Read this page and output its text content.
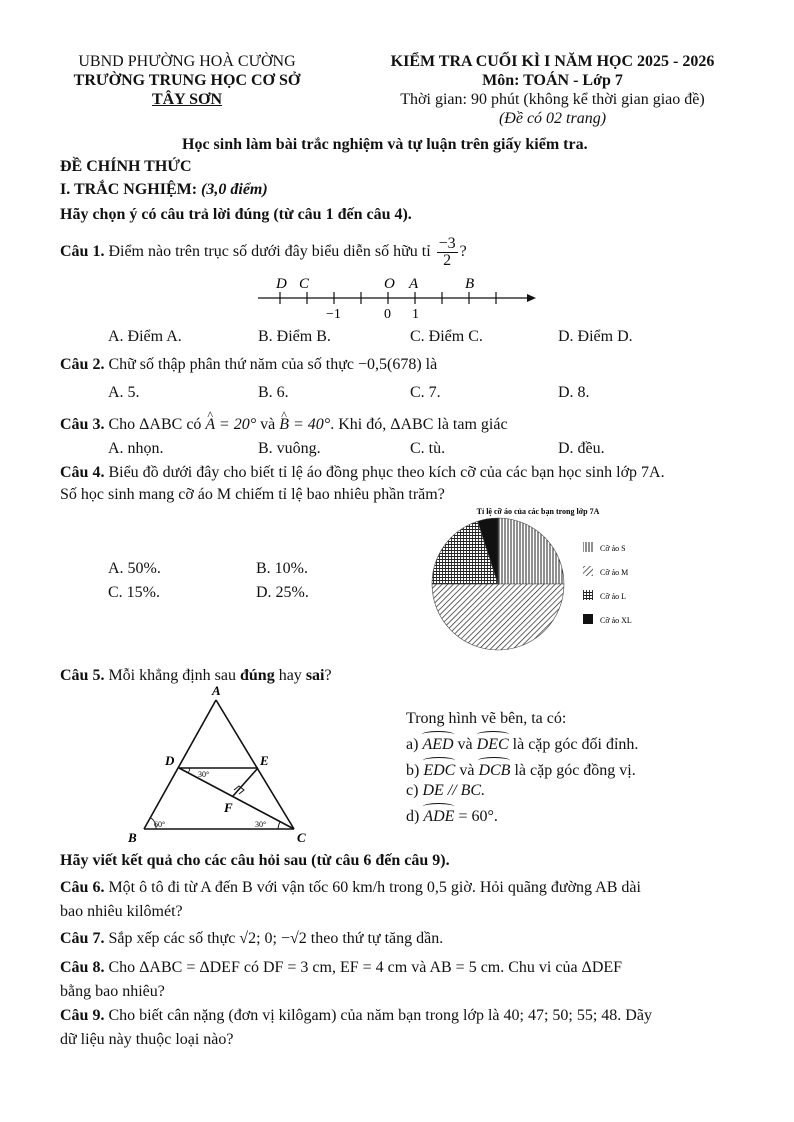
UBND PHƯỜNG HOÀ CƯỜNG
TRƯỜNG TRUNG HỌC CƠ SỞ
TÂY SƠN
KIỂM TRA CUỐI KÌ I NĂM HỌC 2025 - 2026
Môn: TOÁN - Lớp 7
Thời gian: 90 phút (không kể thời gian giao đề)
(Đề có 02 trang)
Học sinh làm bài trắc nghiệm và tự luận trên giấy kiểm tra.
ĐỀ CHÍNH THỨC
I. TRẮC NGHIỆM: (3,0 điểm)
Hãy chọn ý có câu trả lời đúng (từ câu 1 đến câu 4).
Câu 1. Điểm nào trên trục số dưới đây biểu diễn số hữu tỉ $\frac{-3}{2}$ ?
D C	O A	B
−1	0 1
A. Điểm A.	B. Điểm B.	C. Điểm C.	D. Điểm D.
Câu 2. Chữ số thập phân thứ năm của số thực −0,5(678) là
A. 5.	B. 6.	C. 7.	D. 8.
Câu 3. Cho ΔABC có ^ A = 20° và ^ B = 40°. Khi đó, ΔABC là tam giác
A. nhọn.	B. vuông.	C. tù.	D. đều.
Câu 4. Biểu đồ dưới đây cho biết tỉ lệ áo đồng phục theo kích cỡ của các bạn học sinh lớp 7A.
Số học sinh mang cỡ áo M chiếm tỉ lệ bao nhiêu phần trăm?
A. 50%.	B. 10%.
C. 15%.	D. 25%.
Tỉ lệ cỡ áo của các bạn trong lớp 7A
Cỡ áo S
Cỡ áo M
Cỡ áo L
Cỡ áo XL
Câu 5. Mỗi khẳng định sau đúng hay sai?
A
D	E
F
B	C
30°
60°	30°
Trong hình vẽ bên, ta có:
a) AED và DEC là cặp góc đối đỉnh.
b) EDC và DCB là cặp góc đồng vị.
c) DE // BC.
d) ADE = 60°.
Hãy viết kết quả cho các câu hỏi sau (từ câu 6 đến câu 9).
Câu 6. Một ô tô đi từ A đến B với vận tốc 60 km/h trong 0,5 giờ. Hỏi quãng đường AB dài
bao nhiêu kilômét?
Câu 7. Sắp xếp các số thực √2; 0; −√2 theo thứ tự tăng dần.
Câu 8. Cho ΔABC = ΔDEF có DF = 3 cm, EF = 4 cm và AB = 5 cm. Chu vi của ΔDEF
bằng bao nhiêu?
Câu 9. Cho biết cân nặng (đơn vị kilôgam) của năm bạn trong lớp là 40; 47; 50; 55; 48. Dãy
dữ liệu này thuộc loại nào?
